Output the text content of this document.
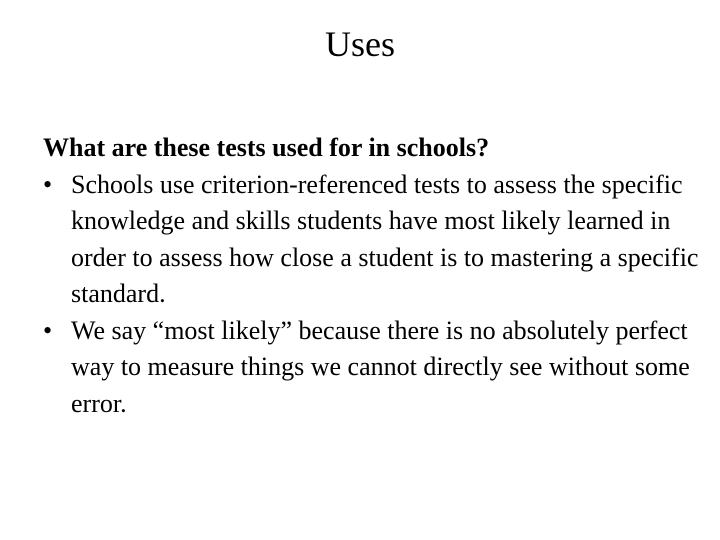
Uses

What are these tests used for in schools?

• Schools use criterion-referenced tests to assess the specific knowledge and skills students have most likely learned in order to assess how close a student is to mastering a specific standard.
• We say “most likely” because there is no absolutely perfect way to measure things we cannot directly see without some error.
